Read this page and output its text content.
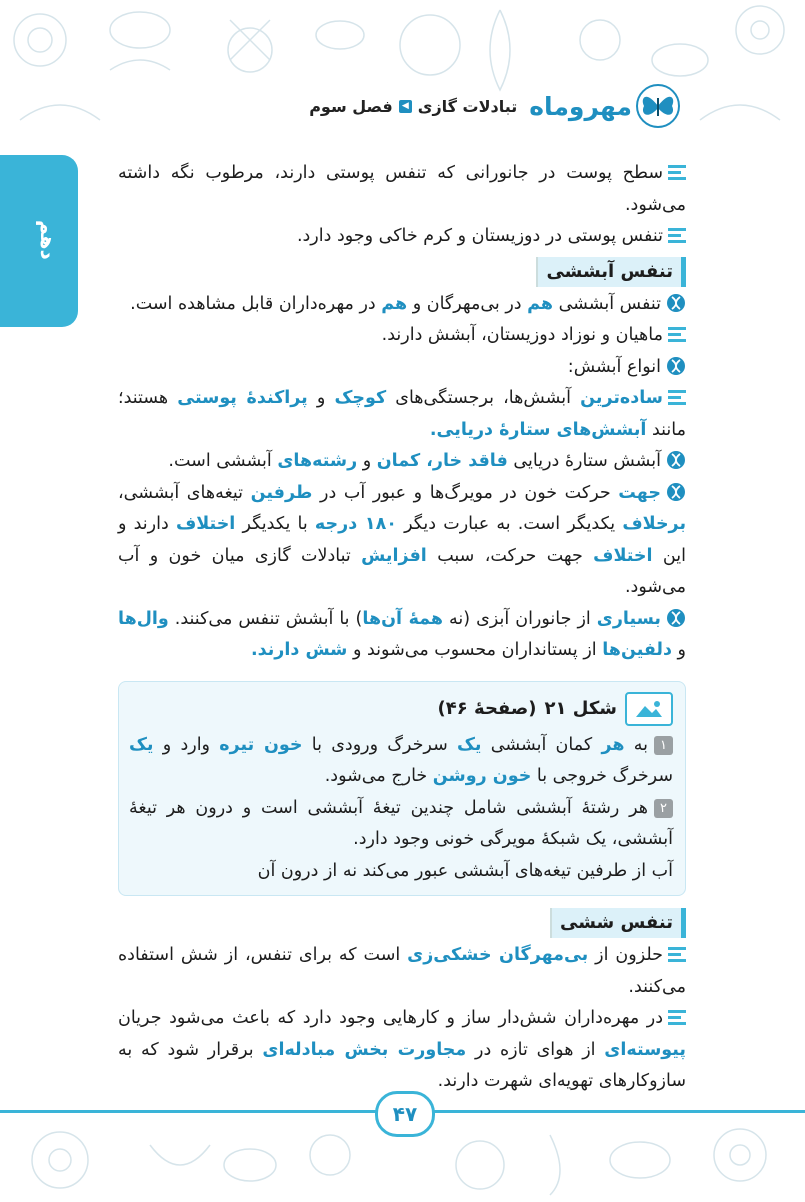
مهروماه
تبادلات گازی
◀
فصل سوم
دهم

سطح پوست در جانورانی که تنفس پوستی دارند، مرطوب نگه داشته می‌شود.

تنفس پوستی در دوزیستان و کرم خاکی وجود دارد.

تنفس آبششی

تنفس آبششی هم در بی‌مهرگان و هم در مهره‌داران قابل مشاهده است.

ماهیان و نوزاد دوزیستان، آبشش دارند.

انواع آبشش:

ساده‌ترین آبشش‌ها، برجستگی‌های کوچک و پراکندهٔ پوستی هستند؛ مانند آبشش‌های ستارهٔ دریایی.

آبشش ستارهٔ دریایی فاقد خار، کمان و رشته‌های آبششی است.

جهت حرکت خون در مویرگ‌ها و عبور آب در طرفین تیغه‌های آبششی، برخلاف یکدیگر است. به عبارت دیگر ۱۸۰ درجه با یکدیگر اختلاف دارند و این اختلاف جهت حرکت، سبب افزایش تبادلات گازی میان خون و آب می‌شود.

بسیاری از جانوران آبزی (نه همهٔ آن‌ها) با آبشش تنفس می‌کنند. وال‌ها و دلفین‌ها از پستانداران محسوب می‌شوند و شش دارند.

شکل ۲۱
(صفحهٔ ۴۶)

۱به هر کمان آبششی یک سرخرگ ورودی با خون تیره وارد و یک سرخرگ خروجی با خون روشن خارج می‌شود.

۲هر رشتهٔ آبششی شامل چندین تیغهٔ آبششی است و درون هر تیغهٔ آبششی، یک شبکهٔ مویرگی خونی وجود دارد.

آب از طرفین تیغه‌های آبششی عبور می‌کند نه از درون آن

تنفس ششی

حلزون از بی‌مهرگان خشکی‌زی است که برای تنفس، از شش استفاده می‌کنند.

در مهره‌داران شش‌دار ساز و کارهایی وجود دارد که باعث می‌شود جریان پیوسته‌ای از هوای تازه در مجاورت بخش مبادله‌ای برقرار شود که به سازوکارهای تهویه‌ای شهرت دارند.

۴۷
